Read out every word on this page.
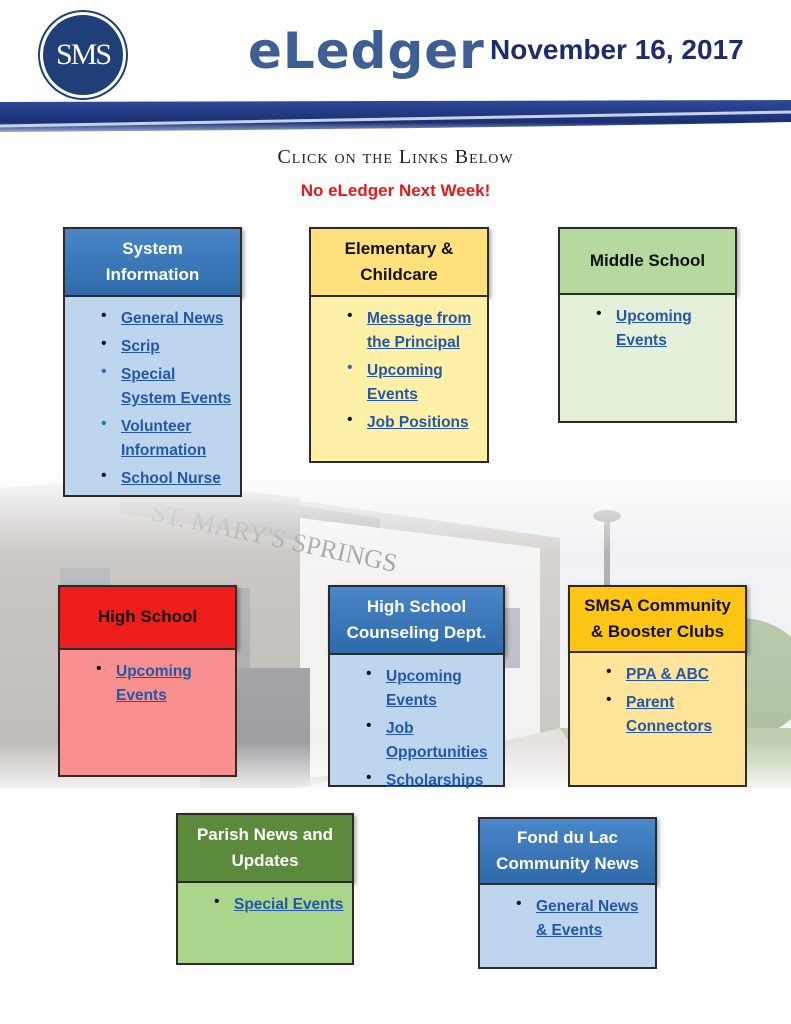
SMS	eLedger November 16, 2017
Click on the Links Below
No eLedger Next Week!
System
Information
• General News
• Scrip
• Special
System Events
• Volunteer
Information
• School Nurse
Elementary &
Childcare
• Message from
the Principal
• Upcoming
Events
• Job Positions
Middle School
• Upcoming
Events
High School
• Upcoming
Events
High School
Counseling Dept.
• Upcoming
Events
• Job
Opportunities
• Scholarships
SMSA Community
& Booster Clubs
• PPA & ABC
• Parent
Connectors
Parish News and
Updates
• Special Events
Fond du Lac
Community News
• General News
& Events
